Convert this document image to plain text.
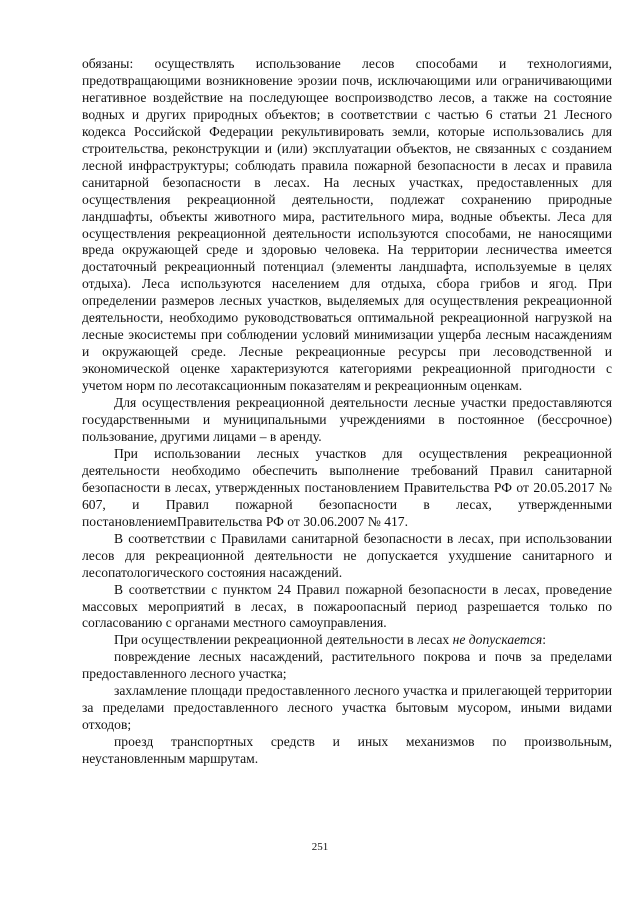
обязаны: осуществлять использование лесов способами и технологиями, предотвращающими возникновение эрозии почв, исключающими или ограничивающими негативное воздействие на последующее воспроизводство лесов, а также на состояние водных и других природных объектов; в соответствии с частью 6 статьи 21 Лесного кодекса Российской Федерации рекультивировать земли, которые использовались для строительства, реконструкции и (или) эксплуатации объектов, не связанных с созданием лесной инфраструктуры; соблюдать правила пожарной безопасности в лесах и правила санитарной безопасности в лесах. На лесных участках, предоставленных для осуществления рекреационной деятельности, подлежат сохранению природные ландшафты, объекты животного мира, растительного мира, водные объекты. Леса для осуществления рекреационной деятельности используются способами, не наносящими вреда окружающей среде и здоровью человека. На территории лесничества имеется достаточный рекреационный потенциал (элементы ландшафта, используемые в целях отдыха). Леса используются населением для отдыха, сбора грибов и ягод. При определении размеров лесных участков, выделяемых для осуществления рекреационной деятельности, необходимо руководствоваться оптимальной рекреационной нагрузкой на лесные экосистемы при соблюдении условий минимизации ущерба лесным насаждениям и окружающей среде. Лесные рекреационные ресурсы при лесоводственной и экономической оценке характеризуются категориями рекреационной пригодности с учетом норм по лесотаксационным показателям и рекреационным оценкам.

Для осуществления рекреационной деятельности лесные участки предоставляются государственными и муниципальными учреждениями в постоянное (бессрочное) пользование, другими лицами – в аренду.

При использовании лесных участков для осуществления рекреационной деятельности необходимо обеспечить выполнение требований Правил санитарной безопасности в лесах, утвержденных постановлением Правительства РФ от 20.05.2017 № 607, и Правил пожарной безопасности в лесах, утвержденными постановлениемПравительства РФ от 30.06.2007 № 417.

В соответствии с Правилами санитарной безопасности в лесах, при использовании лесов для рекреационной деятельности не допускается ухудшение санитарного и лесопатологического состояния насаждений.

В соответствии с пунктом 24 Правил пожарной безопасности в лесах, проведение массовых мероприятий в лесах, в пожароопасный период разрешается только по согласованию с органами местного самоуправления.

При осуществлении рекреационной деятельности в лесах не допускается:

повреждение лесных насаждений, растительного покрова и почв за пределами предоставленного лесного участка;

захламление площади предоставленного лесного участка и прилегающей территории за пределами предоставленного лесного участка бытовым мусором, иными видами отходов;

проезд транспортных средств и иных механизмов по произвольным, неустановленным маршрутам.

251
